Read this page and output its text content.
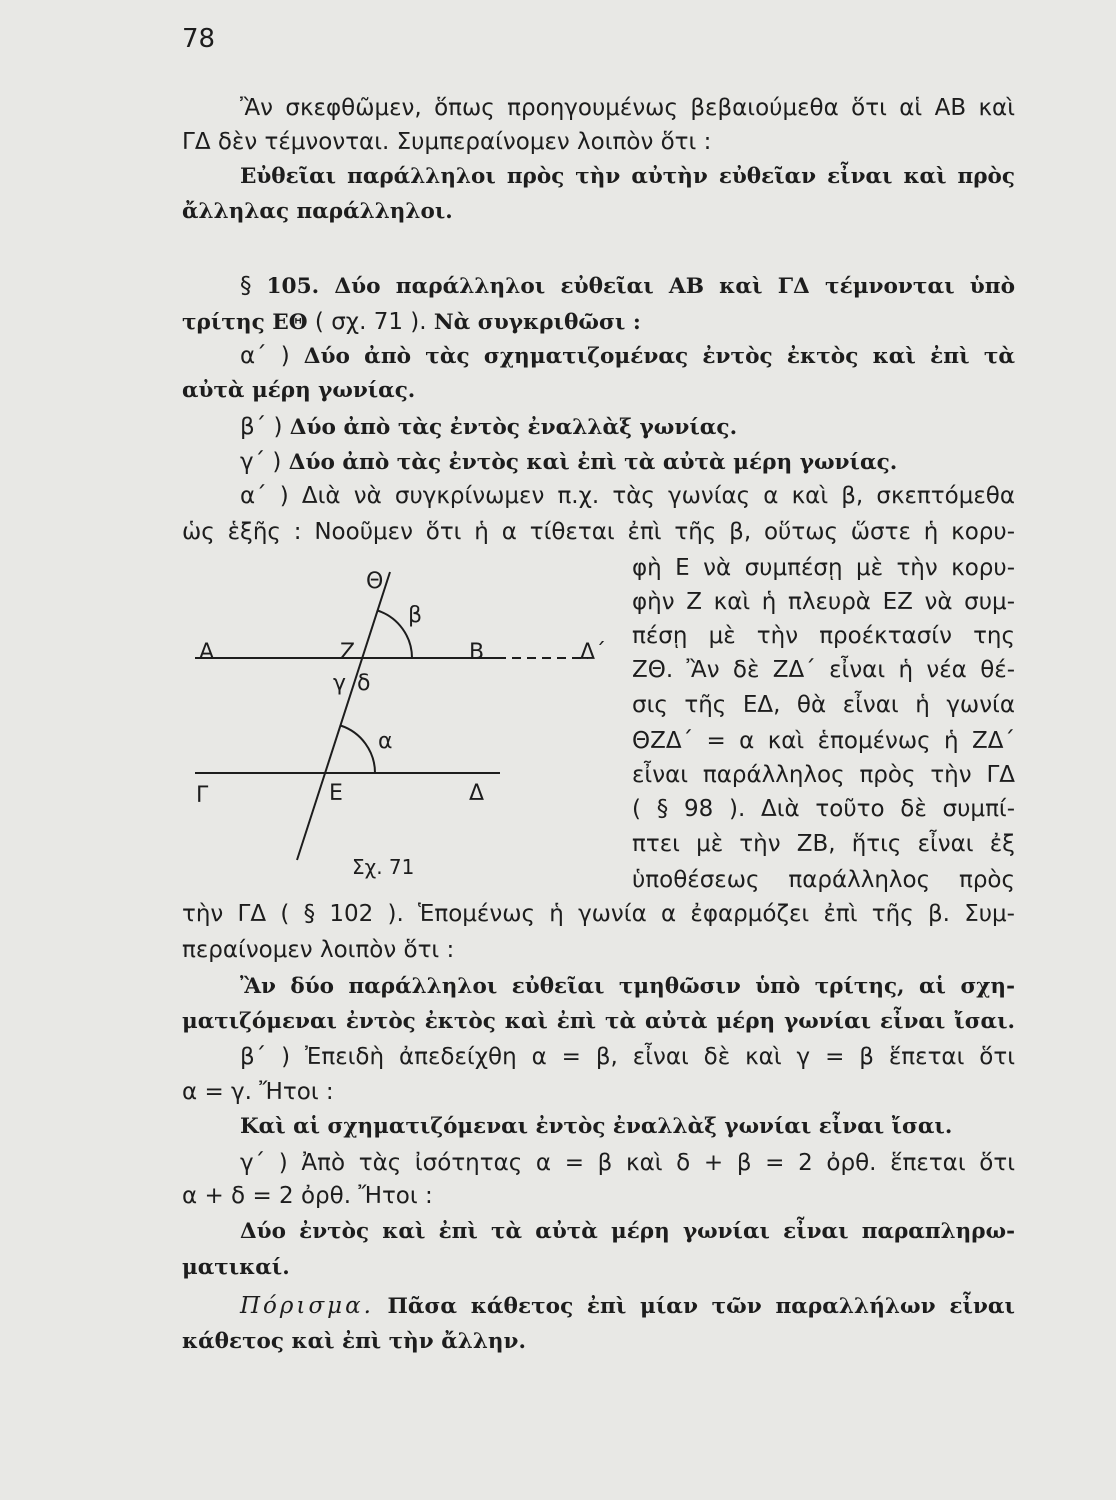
78
Ἂν σκεφθῶμεν, ὅπως προηγουμένως βεβαιούμεθα ὅτι αἱ ΑΒ καὶ
ΓΔ δὲν τέμνονται. Συμπεραίνομεν λοιπὸν ὅτι :
Εὐθεῖαι παράλληλοι πρὸς τὴν αὐτὴν εὐθεῖαν εἶναι καὶ πρὸς
ἄλληλας παράλληλοι.
§ 105. Δύο παράλληλοι εὐθεῖαι ΑΒ καὶ ΓΔ τέμνονται ὑπὸ
τρίτης ΕΘ ( σχ. 71 ). Νὰ συγκριθῶσι :
α΄ ) Δύο ἀπὸ τὰς σχηματιζομένας ἐντὸς ἐκτὸς καὶ ἐπὶ τὰ
αὐτὰ μέρη γωνίας.
β΄ ) Δύο ἀπὸ τὰς ἐντὸς ἐναλλὰξ γωνίας.
γ΄ ) Δύο ἀπὸ τὰς ἐντὸς καὶ ἐπὶ τὰ αὐτὰ μέρη γωνίας.
α΄ ) Διὰ νὰ συγκρίνωμεν π.χ. τὰς γωνίας α καὶ β, σκεπτόμεθα
ὡς ἑξῆς : Νοοῦμεν ὅτι ἡ α τίθεται ἐπὶ τῆς β, οὕτως ὥστε ἡ κορυ-
φὴ Ε νὰ συμπέσῃ μὲ τὴν κορυ-
φὴν Ζ καὶ ἡ πλευρὰ ΕΖ νὰ συμ-
πέσῃ μὲ τὴν προέκτασίν της
ΖΘ. Ἂν δὲ ΖΔ΄ εἶναι ἡ νέα θέ-
σις τῆς ΕΔ, θὰ εἶναι ἡ γωνία
ΘΖΔ΄ = α καὶ ἑπομένως ἡ ΖΔ΄
εἶναι παράλληλος πρὸς τὴν ΓΔ
( § 98 ). Διὰ τοῦτο δὲ συμπί-
πτει μὲ τὴν ΖΒ, ἥτις εἶναι ἐξ
ὑποθέσεως παράλληλος πρὸς
Θ
β
Α	Ζ	Β	Δ΄
γ δ
α
Γ	Ε	Δ
Σχ. 71
τὴν ΓΔ ( § 102 ). Ἑπομένως ἡ γωνία α ἐφαρμόζει ἐπὶ τῆς β. Συμ-
περαίνομεν λοιπὸν ὅτι :
Ἂν δύο παράλληλοι εὐθεῖαι τμηθῶσιν ὑπὸ τρίτης, αἱ σχη-
ματιζόμεναι ἐντὸς ἐκτὸς καὶ ἐπὶ τὰ αὐτὰ μέρη γωνίαι εἶναι ἴσαι.
β΄ ) Ἐπειδὴ ἀπεδείχθη α = β, εἶναι δὲ καὶ γ = β ἕπεται ὅτι
α = γ. Ἤτοι :
Καὶ αἱ σχηματιζόμεναι ἐντὸς ἐναλλὰξ γωνίαι εἶναι ἴσαι.
γ΄ ) Ἀπὸ τὰς ἰσότητας α = β καὶ δ + β = 2 ὀρθ. ἕπεται ὅτι
α + δ = 2 ὀρθ. Ἤτοι :
Δύο ἐντὸς καὶ ἐπὶ τὰ αὐτὰ μέρη γωνίαι εἶναι παραπληρω-
ματικαί.
Πόρισμα. Πᾶσα κάθετος ἐπὶ μίαν τῶν παραλλήλων εἶναι
κάθετος καὶ ἐπὶ τὴν ἄλλην.
